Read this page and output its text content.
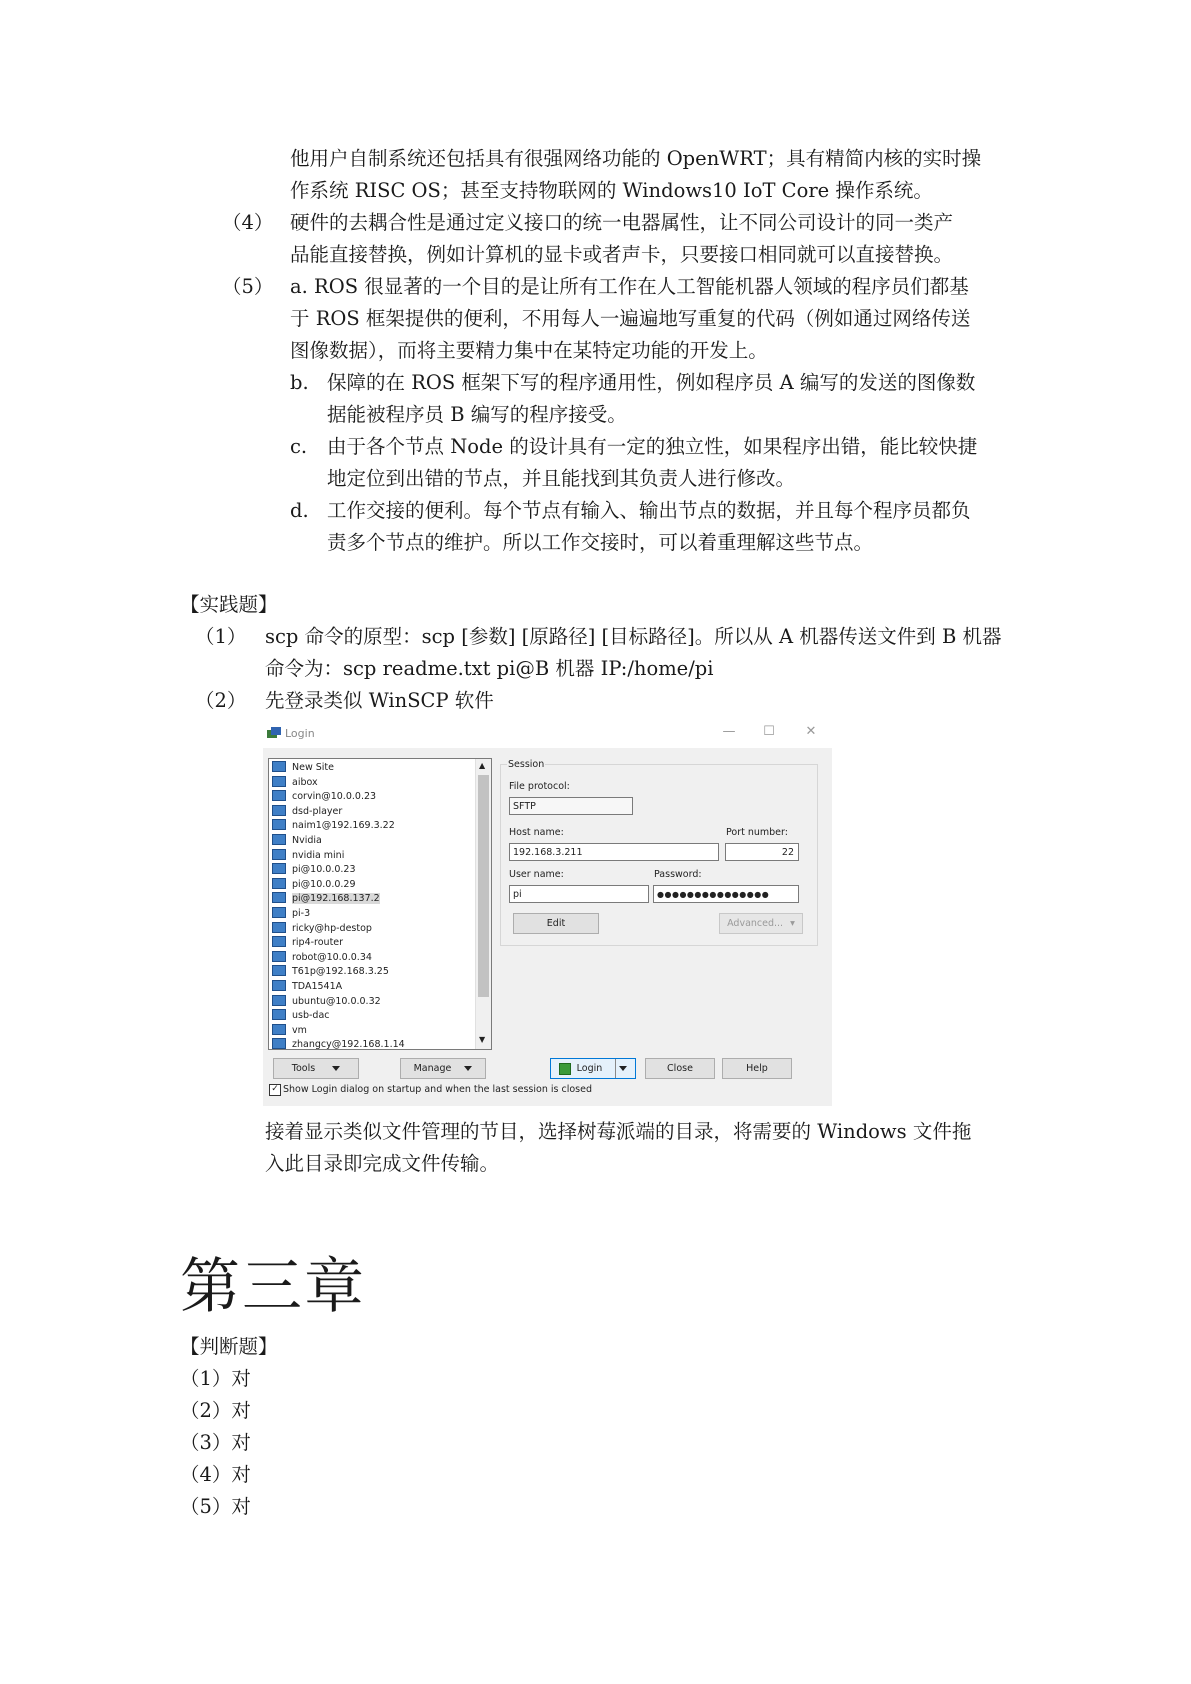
他用户自制系统还包括具有很强网络功能的 OpenWRT；具有精简内核的实时操
作系统 RISC OS；甚至支持物联网的 Windows10 IoT Core 操作系统。
（4） 硬件的去耦合性是通过定义接口的统一电器属性，让不同公司设计的同一类产
品能直接替换，例如计算机的显卡或者声卡，只要接口相同就可以直接替换。
（5） a. ROS 很显著的一个目的是让所有工作在人工智能机器人领域的程序员们都基
于 ROS 框架提供的便利，不用每人一遍遍地写重复的代码（例如通过网络传送
图像数据），而将主要精力集中在某特定功能的开发上。
b. 保障的在 ROS 框架下写的程序通用性，例如程序员 A 编写的发送的图像数
据能被程序员 B 编写的程序接受。
c. 由于各个节点 Node 的设计具有一定的独立性，如果程序出错，能比较快捷
地定位到出错的节点，并且能找到其负责人进行修改。
d. 工作交接的便利。每个节点有输入、输出节点的数据，并且每个程序员都负
责多个节点的维护。所以工作交接时，可以着重理解这些节点。
【实践题】
（1） scp 命令的原型：scp [参数] [原路径] [目标路径]。所以从 A 机器传送文件到 B 机器
命令为：scp readme.txt pi@B 机器 IP:/home/pi
（2） 先登录类似 WinSCP 软件
Login	—	☐	✕
New Site
aibox
corvin@10.0.0.23
dsd-player
naim1@192.169.3.22
Nvidia
nvidia mini
pi@10.0.0.23
pi@10.0.0.29
pi@192.168.137.2
pi-3
ricky@hp-destop
rip4-router
robot@10.0.0.34
T61p@192.168.3.25
TDA1541A
ubuntu@10.0.0.32
usb-dac
vm
zhangcy@192.168.1.14
▲
▼
Session
File protocol:
SFTP
Host name:
192.168.3.211
Port number:
22
User name:
pi
Password:
●●●●●●●●●●●●●●●
Edit	Advanced... ▾
Tools	Manage	Login	Close	Help
✓ Show Login dialog on startup and when the last session is closed
接着显示类似文件管理的节目，选择树莓派端的目录，将需要的 Windows 文件拖
入此目录即完成文件传输。
第三章
【判断题】
（1）对
（2）对
（3）对
（4）对
（5）对
